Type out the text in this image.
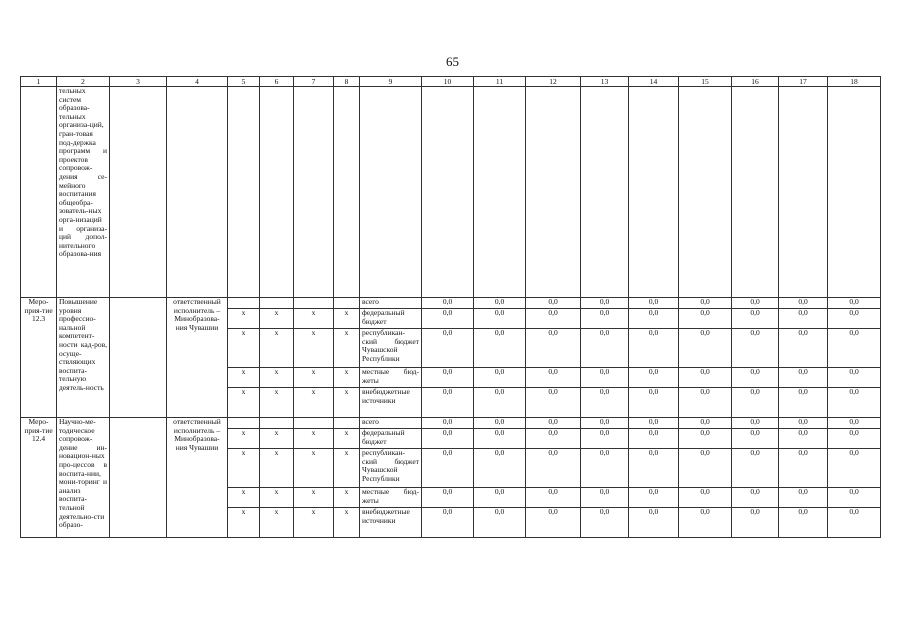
65
1	2	3	4	5	6	7	8	9	10	11	12	13	14	15	16	17	18
	тельных систем образова-тельных организа-ций, гран-товая под-держка программ и проектов сопровож-дения се-мейного воспитания общеобра-зователь-ных орга-низаций и организа-ций допол-нительного образова-ния																
Меро-прия-тие 12.3	Повышение уровня профессио-нальной компетент-ности кад-ров, осуще-ствляющих воспита-тельную деятель-ность		ответственный исполнитель – Минобразова-ния Чувашии					всего	0,0	0,0	0,0	0,0	0,0	0,0	0,0	0,0	0,0
				x	x	x	x	федеральный бюджет	0,0	0,0	0,0	0,0	0,0	0,0	0,0	0,0	0,0
				x	x	x	x	республикан-ский бюджет Чувашской Республики	0,0	0,0	0,0	0,0	0,0	0,0	0,0	0,0	0,0
				x	x	x	x	местные бюд-жеты	0,0	0,0	0,0	0,0	0,0	0,0	0,0	0,0	0,0
				x	x	x	x	внебюджетные источники	0,0	0,0	0,0	0,0	0,0	0,0	0,0	0,0	0,0
Меро-прия-тие 12.4	Научно-ме-тодическое сопровож-дение ин-новацион-ных про-цессов в воспита-нии, мони-торинг и анализ воспита-тельной деятельно-сти образо-		ответственный исполнитель – Минобразова-ния Чувашии					всего	0,0	0,0	0,0	0,0	0,0	0,0	0,0	0,0	0,0
				x	x	x	x	федеральный бюджет	0,0	0,0	0,0	0,0	0,0	0,0	0,0	0,0	0,0
				x	x	x	x	республикан-ский бюджет Чувашской Республики	0,0	0,0	0,0	0,0	0,0	0,0	0,0	0,0	0,0
				x	x	x	x	местные бюд-жеты	0,0	0,0	0,0	0,0	0,0	0,0	0,0	0,0	0,0
				x	x	x	x	внебюджетные источники	0,0	0,0	0,0	0,0	0,0	0,0	0,0	0,0	0,0
